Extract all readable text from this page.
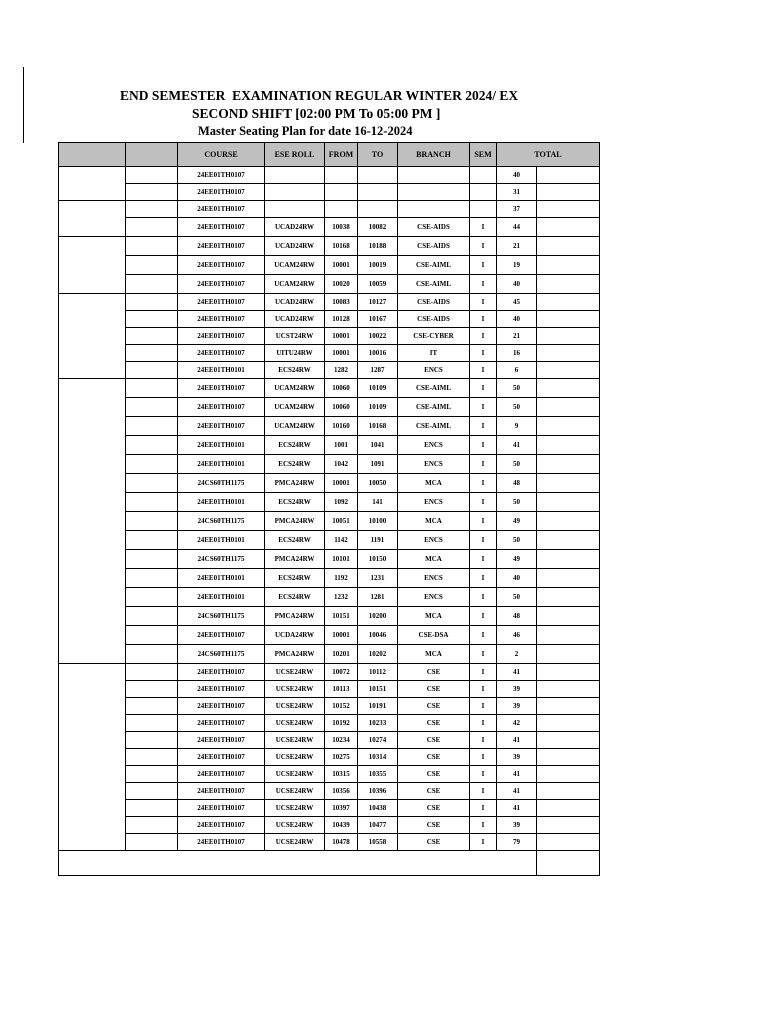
END SEMESTER  EXAMINATION REGULAR WINTER 2024/ EX
SECOND SHIFT [02:00 PM To 05:00 PM ]
Master Seating Plan for date 16-12-2024
		COURSE	ESE ROLL	FROM	TO	BRANCH	SEM	TOTAL	
		24EE01TH0107						40	
		24EE01TH0107						31	
		24EE01TH0107						37	
		24EE01TH0107	UCAD24RW	10038	10082	CSE-AIDS	I	44	
		24EE01TH0107	UCAD24RW	10168	10188	CSE-AIDS	I	21	
		24EE01TH0107	UCAM24RW	10001	10019	CSE-AIML	I	19	
		24EE01TH0107	UCAM24RW	10020	10059	CSE-AIML	I	40	
		24EE01TH0107	UCAD24RW	10083	10127	CSE-AIDS	I	45	
		24EE01TH0107	UCAD24RW	10128	10167	CSE-AIDS	I	40	
		24EE01TH0107	UCST24RW	10001	10022	CSE-CYBER	I	21	
		24EE01TH0107	UITU24RW	10001	10016	IT	I	16	
		24EE01TH0101	ECS24RW	1282	1287	ENCS	I	6	
		24EE01TH0107	UCAM24RW	10060	10109	CSE-AIML	I	50	
		24EE01TH0107	UCAM24RW	10060	10109	CSE-AIML	I	50	
		24EE01TH0107	UCAM24RW	10160	10168	CSE-AIML	I	9	
		24EE01TH0101	ECS24RW	1001	1041	ENCS	I	41	
		24EE01TH0101	ECS24RW	1042	1091	ENCS	I	50	
		24CS60TH1175	PMCA24RW	10001	10050	MCA	I	48	
		24EE01TH0101	ECS24RW	1092	141	ENCS	I	50	
		24CS60TH1175	PMCA24RW	10051	10100	MCA	I	49	
		24EE01TH0101	ECS24RW	1142	1191	ENCS	I	50	
		24CS60TH1175	PMCA24RW	10101	10150	MCA	I	49	
		24EE01TH0101	ECS24RW	1192	1231	ENCS	I	40	
		24EE01TH0101	ECS24RW	1232	1281	ENCS	I	50	
		24CS60TH1175	PMCA24RW	10151	10200	MCA	I	48	
		24EE01TH0107	UCDA24RW	10001	10046	CSE-DSA	I	46	
		24CS60TH1175	PMCA24RW	10201	10202	MCA	I	2	
		24EE01TH0107	UCSE24RW	10072	10112	CSE	I	41	
		24EE01TH0107	UCSE24RW	10113	10151	CSE	I	39	
		24EE01TH0107	UCSE24RW	10152	10191	CSE	I	39	
		24EE01TH0107	UCSE24RW	10192	10233	CSE	I	42	
		24EE01TH0107	UCSE24RW	10234	10274	CSE	I	41	
		24EE01TH0107	UCSE24RW	10275	10314	CSE	I	39	
		24EE01TH0107	UCSE24RW	10315	10355	CSE	I	41	
		24EE01TH0107	UCSE24RW	10356	10396	CSE	I	41	
		24EE01TH0107	UCSE24RW	10397	10438	CSE	I	41	
		24EE01TH0107	UCSE24RW	10439	10477	CSE	I	39	
		24EE01TH0107	UCSE24RW	10478	10558	CSE	I	79	
